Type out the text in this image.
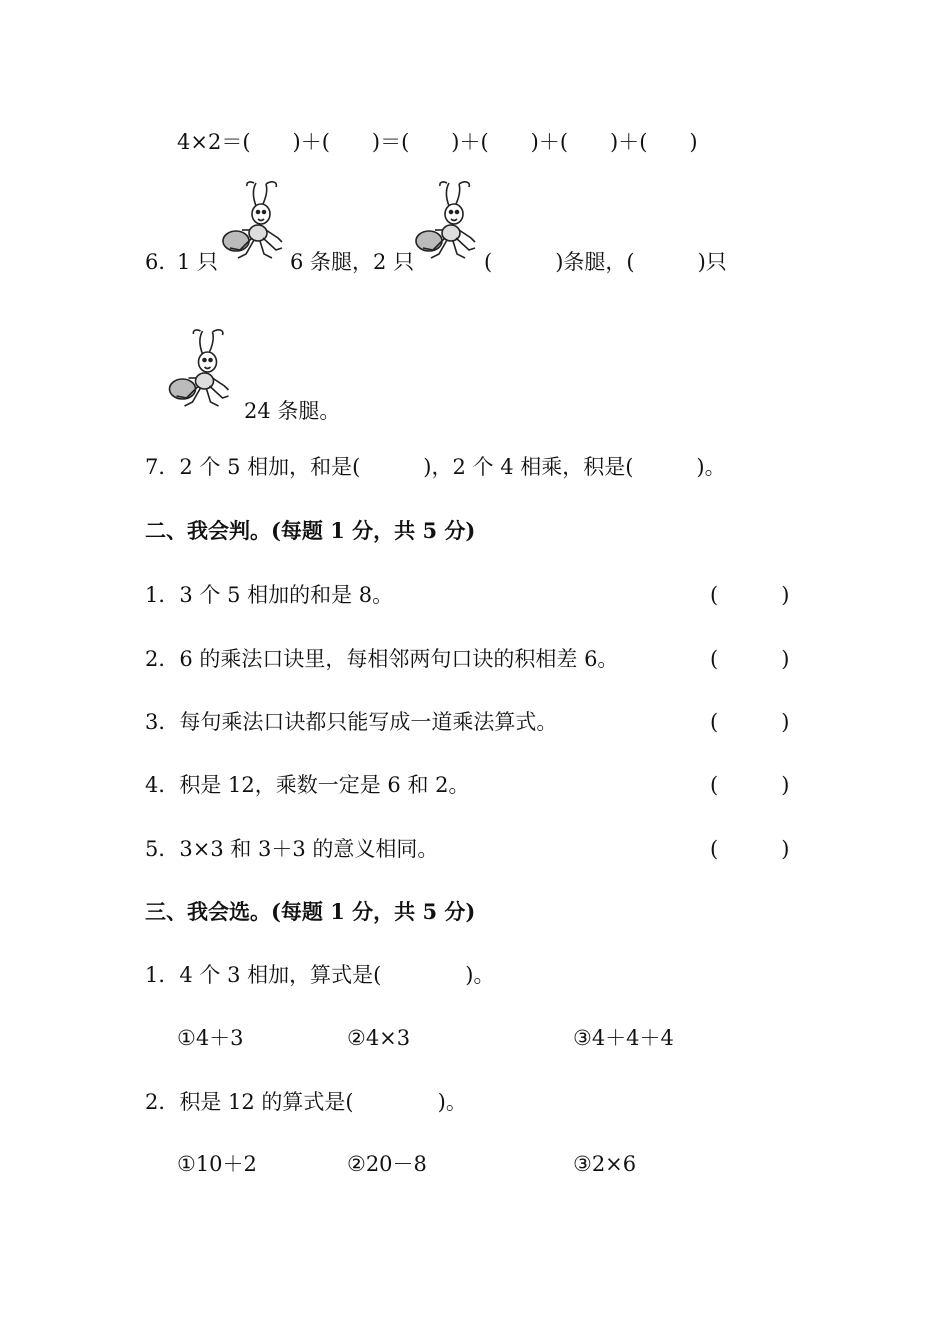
4×2＝(　　)＋(　　)＝(　　)＋(　　)＋(　　)＋(　　)
6．
1 只	6 条腿，2 只	(　　　)条腿，(　　　)只
24 条腿。
7．2 个 5 相加，和是(　　　)，2 个 4 相乘，积是(　　　)。
二、我会判。(每题 1 分，共 5 分)
1．3 个 5 相加的和是 8。	(　　　)
2．6 的乘法口诀里，每相邻两句口诀的积相差 6。	(　　　)
3．每句乘法口诀都只能写成一道乘法算式。	(　　　)
4．积是 12，乘数一定是 6 和 2。	(　　　)
5．3×3 和 3＋3 的意义相同。	(　　　)
三、我会选。(每题 1 分，共 5 分)
1．4 个 3 相加，算式是(　　　　)。
①4＋3	②4×3	③4＋4＋4
2．积是 12 的算式是(　　　　)。
①10＋2	②20－8	③2×6
